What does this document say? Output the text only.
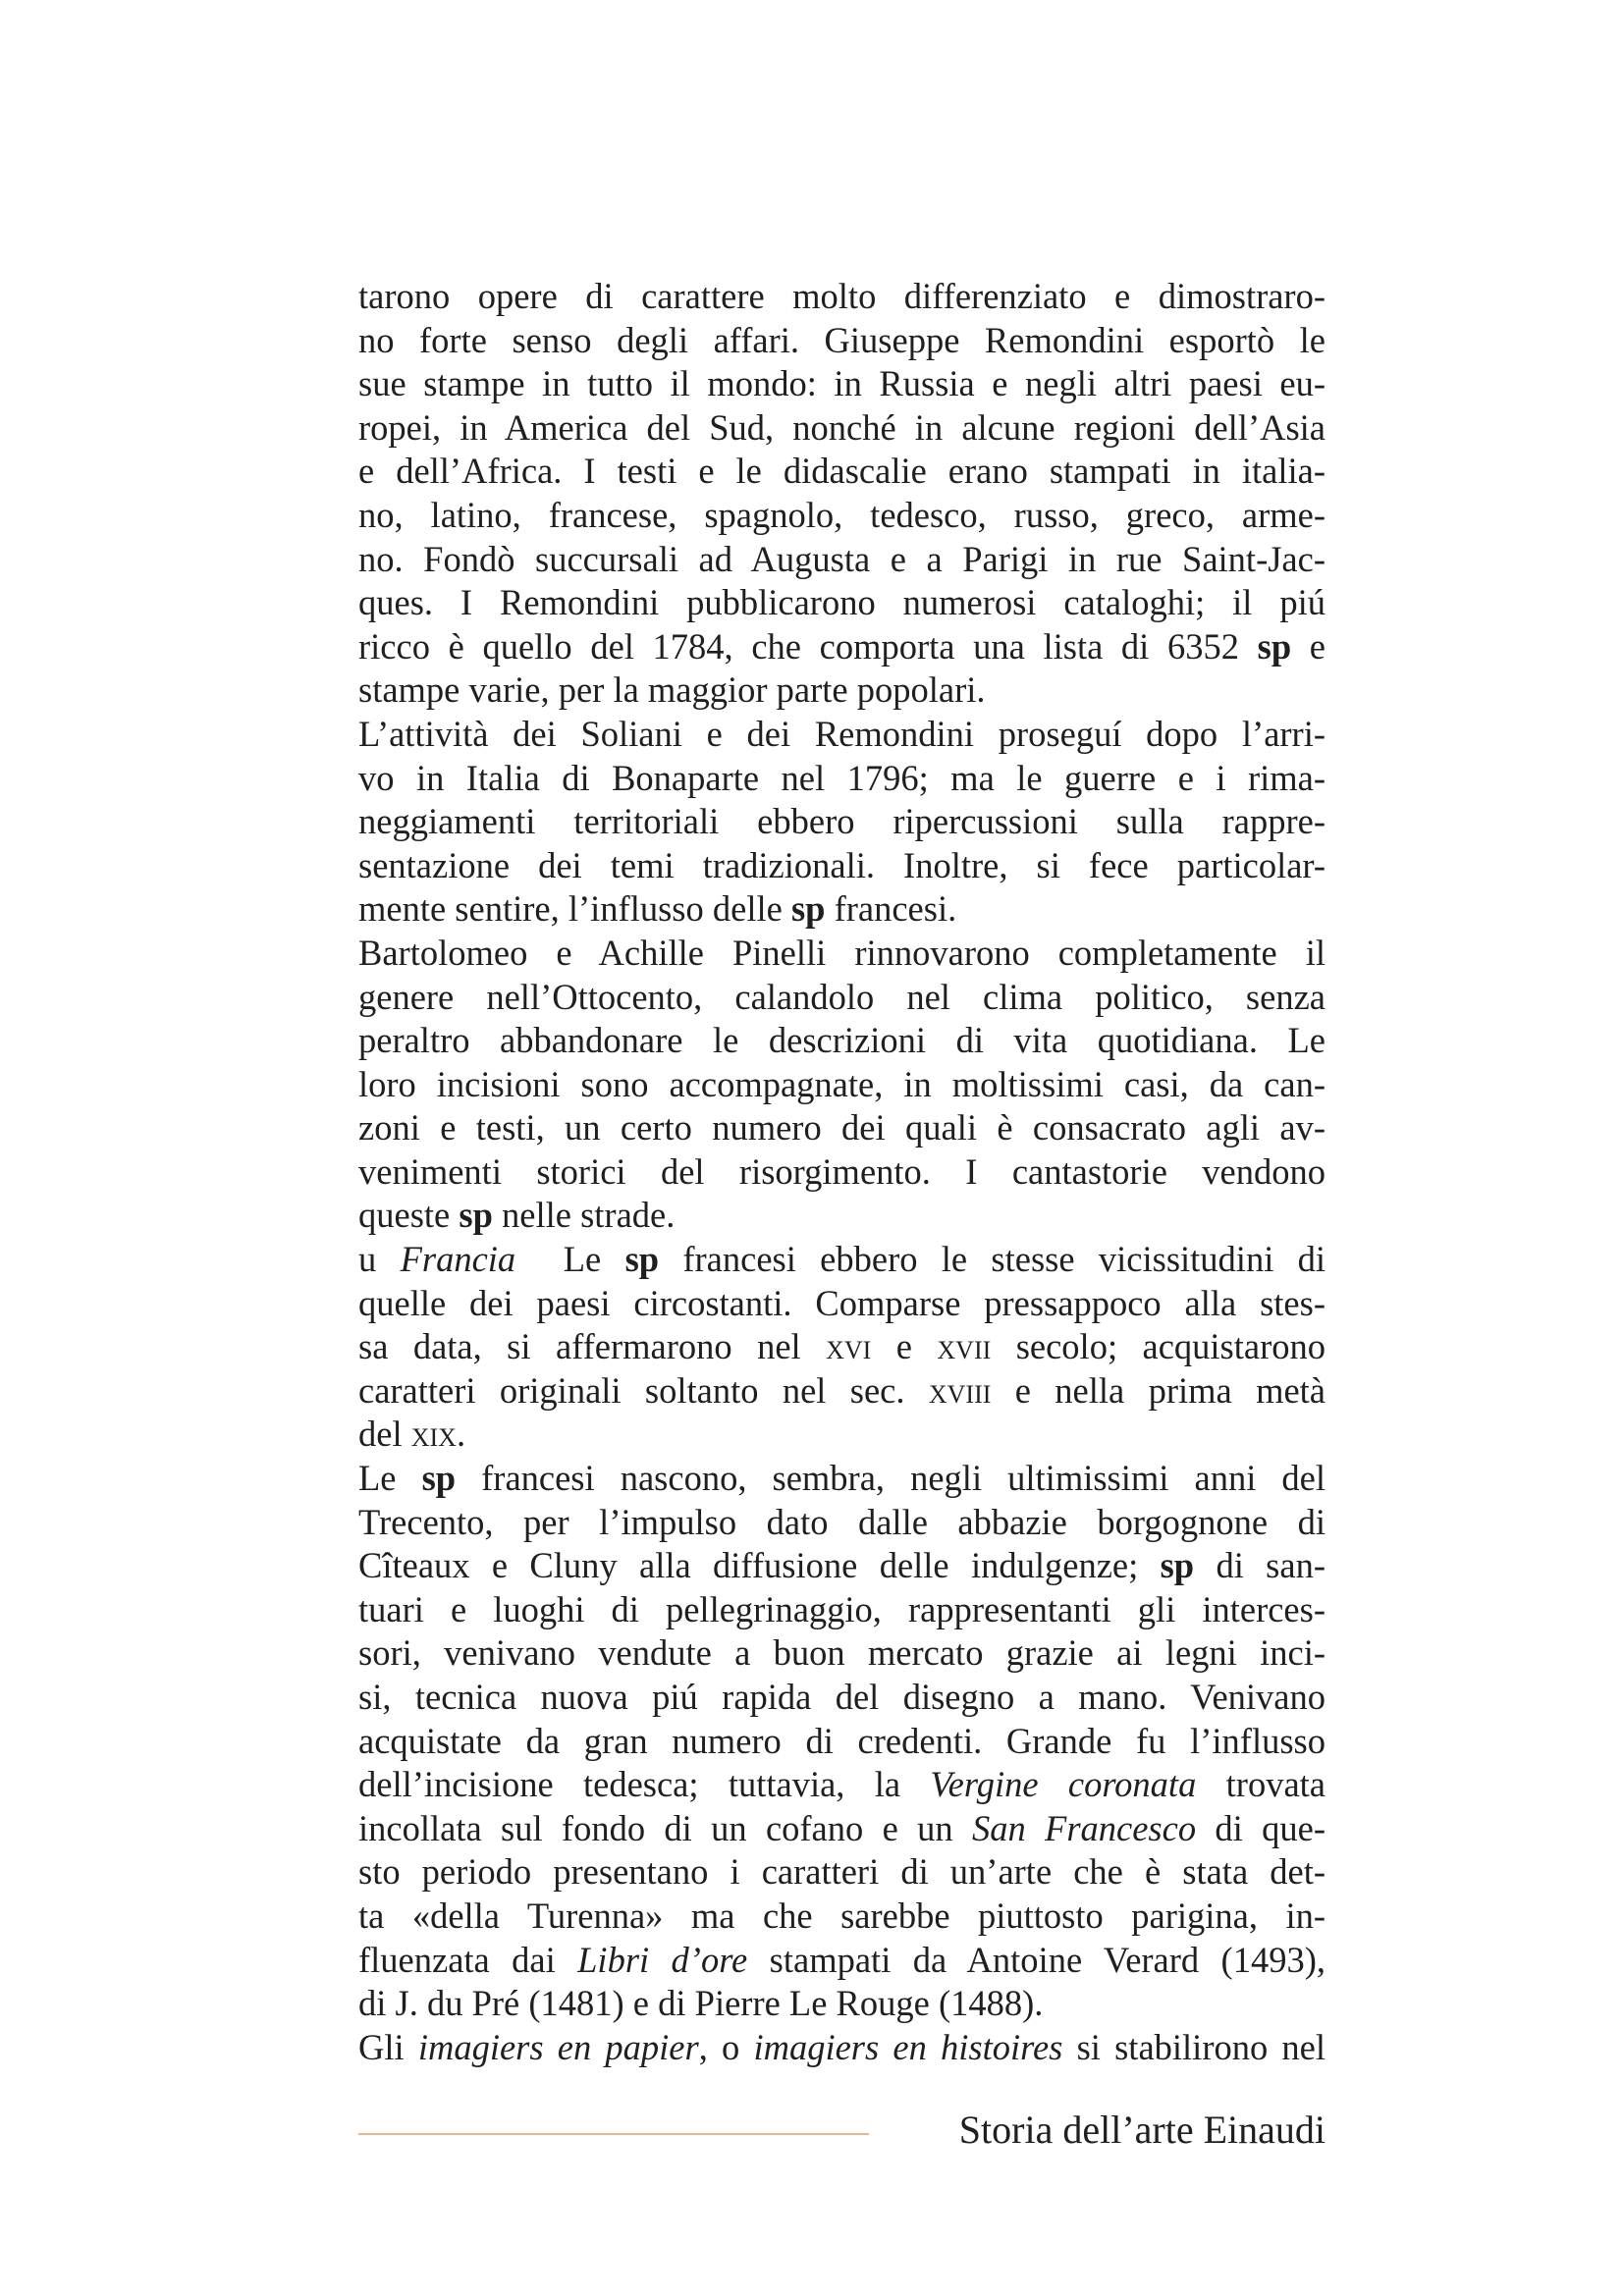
tarono opere di carattere molto differenziato e dimostraro-
no forte senso degli affari. Giuseppe Remondini esportò le
sue stampe in tutto il mondo: in Russia e negli altri paesi eu-
ropei, in America del Sud, nonché in alcune regioni dell’Asia
e dell’Africa. I testi e le didascalie erano stampati in italia-
no, latino, francese, spagnolo, tedesco, russo, greco, arme-
no. Fondò succursali ad Augusta e a Parigi in rue Saint-Jac-
ques. I Remondini pubblicarono numerosi cataloghi; il piú
ricco è quello del 1784, che comporta una lista di 6352 sp e
stampe varie, per la maggior parte popolari.
L’attività dei Soliani e dei Remondini proseguí dopo l’arri-
vo in Italia di Bonaparte nel 1796; ma le guerre e i rima-
neggiamenti territoriali ebbero ripercussioni sulla rappre-
sentazione dei temi tradizionali. Inoltre, si fece particolar-
mente sentire, l’influsso delle sp francesi.
Bartolomeo e Achille Pinelli rinnovarono completamente il
genere nell’Ottocento, calandolo nel clima politico, senza
peraltro abbandonare le descrizioni di vita quotidiana. Le
loro incisioni sono accompagnate, in moltissimi casi, da can-
zoni e testi, un certo numero dei quali è consacrato agli av-
venimenti storici del risorgimento. I cantastorie vendono
queste sp nelle strade.
u Francia  Le sp francesi ebbero le stesse vicissitudini di
quelle dei paesi circostanti. Comparse pressappoco alla stes-
sa data, si affermarono nel xvi e xvii secolo; acquistarono
caratteri originali soltanto nel sec. xviii e nella prima metà
del xix.
Le sp francesi nascono, sembra, negli ultimissimi anni del
Trecento, per l’impulso dato dalle abbazie borgognone di
Cîteaux e Cluny alla diffusione delle indulgenze; sp di san-
tuari e luoghi di pellegrinaggio, rappresentanti gli interces-
sori, venivano vendute a buon mercato grazie ai legni inci-
si, tecnica nuova piú rapida del disegno a mano. Venivano
acquistate da gran numero di credenti. Grande fu l’influsso
dell’incisione tedesca; tuttavia, la Vergine coronata trovata
incollata sul fondo di un cofano e un San Francesco di que-
sto periodo presentano i caratteri di un’arte che è stata det-
ta «della Turenna» ma che sarebbe piuttosto parigina, in-
fluenzata dai Libri d’ore stampati da Antoine Verard (1493),
di J. du Pré (1481) e di Pierre Le Rouge (1488).
Gli imagiers en papier, o imagiers en histoires si stabilirono nel
Storia dell’arte Einaudi
